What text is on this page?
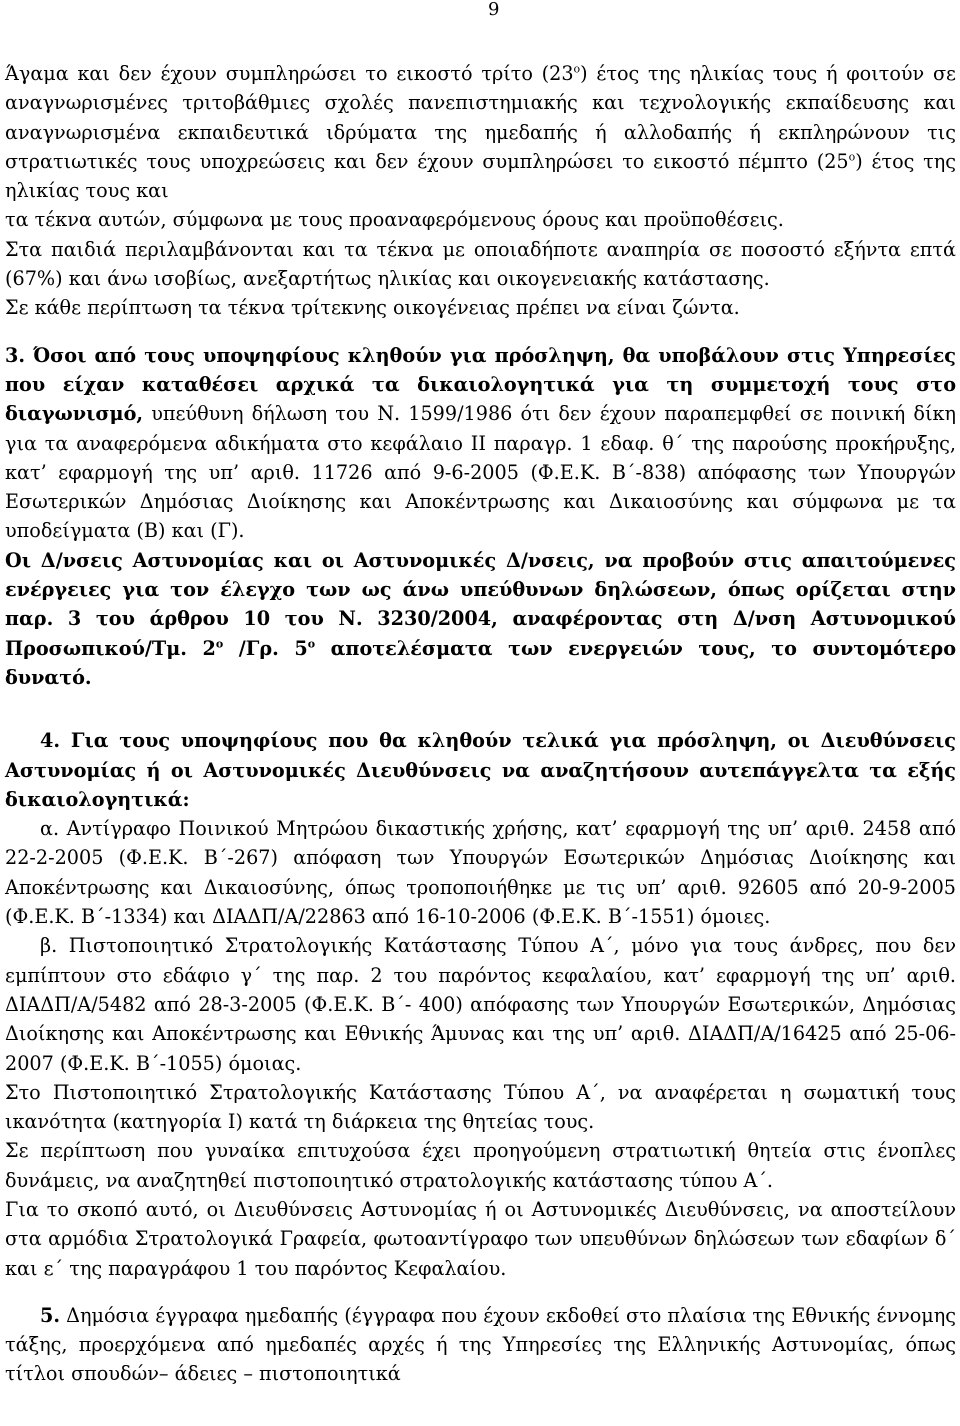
9

Άγαμα και δεν έχουν συμπληρώσει το εικοστό τρίτο $(23^o)$ έτος της ηλικίας τους ή φοιτούν σε αναγνωρισμένες τριτοβάθμιες σχολές πανεπιστημιακής και τεχνολογικής εκπαίδευσης και αναγνωρισμένα εκπαιδευτικά ιδρύματα της ημεδαπής ή αλλοδαπής ή εκπληρώνουν τις στρατιωτικές τους υποχρεώσεις και δεν έχουν συμπληρώσει το εικοστό πέμπτο $(25^o)$ έτος της ηλικίας τους και

τα τέκνα αυτών, σύμφωνα με τους προαναφερόμενους όρους και προϋποθέσεις.

Στα παιδιά περιλαμβάνονται και τα τέκνα με οποιαδήποτε αναπηρία σε ποσοστό εξήντα επτά (67%) και άνω ισοβίως, ανεξαρτήτως ηλικίας και οικογενειακής κατάστασης.

Σε κάθε περίπτωση τα τέκνα τρίτεκνης οικογένειας πρέπει να είναι ζώντα.

3. Όσοι από τους υποψηφίους κληθούν για πρόσληψη, θα υποβάλουν στις Υπηρεσίες που είχαν καταθέσει αρχικά τα δικαιολογητικά για τη συμμετοχή τους στο διαγωνισμό, υπεύθυνη δήλωση του Ν. 1599/1986 ότι δεν έχουν παραπεμφθεί σε ποινική δίκη για τα αναφερόμενα αδικήματα στο κεφάλαιο ΙΙ παραγρ. 1 εδαφ. θ΄ της παρούσης προκήρυξης, κατ’ εφαρμογή της υπ’ αριθ. 11726 από 9-6-2005 (Φ.Ε.Κ. Β΄-838) απόφασης των Υπουργών Εσωτερικών Δημόσιας Διοίκησης και Αποκέντρωσης και Δικαιοσύνης και σύμφωνα με τα υποδείγματα (Β) και (Γ).

Οι Δ/νσεις Αστυνομίας και οι Αστυνομικές Δ/νσεις, να προβούν στις απαιτούμενες ενέργειες για τον έλεγχο των ως άνω υπεύθυνων δηλώσεων, όπως ορίζεται στην παρ. 3 του άρθρου 10 του Ν. 3230/2004, αναφέροντας στη Δ/νση Αστυνομικού Προσωπικού/Τμ. $2^o$ /Γρ. $5^o$ αποτελέσματα των ενεργειών τους, το συντομότερο δυνατό.

4. Για τους υποψηφίους που θα κληθούν τελικά για πρόσληψη, οι Διευθύνσεις Αστυνομίας ή οι Αστυνομικές Διευθύνσεις να αναζητήσουν αυτεπάγγελτα τα εξής δικαιολογητικά:

α. Αντίγραφο Ποινικού Μητρώου δικαστικής χρήσης, κατ’ εφαρμογή της υπ’ αριθ. 2458 από 22-2-2005 (Φ.Ε.Κ. Β΄-267) απόφαση των Υπουργών Εσωτερικών Δημόσιας Διοίκησης και Αποκέντρωσης και Δικαιοσύνης, όπως τροποποιήθηκε με τις υπ’ αριθ. 92605 από 20-9-2005 (Φ.Ε.Κ. Β΄-1334) και ΔΙΑΔΠ/Α/22863 από 16-10-2006 (Φ.Ε.Κ. Β΄-1551) όμοιες.

β. Πιστοποιητικό Στρατολογικής Κατάστασης Τύπου Α΄, μόνο για τους άνδρες, που δεν εμπίπτουν στο εδάφιο γ΄ της παρ. 2 του παρόντος κεφαλαίου, κατ’ εφαρμογή της υπ’ αριθ. ΔΙΑΔΠ/Α/5482 από 28-3-2005 (Φ.Ε.Κ. Β΄- 400) απόφασης των Υπουργών Εσωτερικών, Δημόσιας Διοίκησης και Αποκέντρωσης και Εθνικής Άμυνας και της υπ’ αριθ. ΔΙΑΔΠ/Α/16425 από 25-06-2007 (Φ.Ε.Κ. Β΄-1055) όμοιας.

Στο Πιστοποιητικό Στρατολογικής Κατάστασης Τύπου Α΄, να αναφέρεται η σωματική τους ικανότητα (κατηγορία Ι) κατά τη διάρκεια της θητείας τους.

Σε περίπτωση που γυναίκα επιτυχούσα έχει προηγούμενη στρατιωτική θητεία στις ένοπλες δυνάμεις, να αναζητηθεί πιστοποιητικό στρατολογικής κατάστασης τύπου Α΄.

Για το σκοπό αυτό, οι Διευθύνσεις Αστυνομίας ή οι Αστυνομικές Διευθύνσεις, να αποστείλουν στα αρμόδια Στρατολογικά Γραφεία, φωτοαντίγραφο των υπευθύνων δηλώσεων των εδαφίων δ΄ και ε΄ της παραγράφου 1 του παρόντος Κεφαλαίου.

5. Δημόσια έγγραφα ημεδαπής (έγγραφα που έχουν εκδοθεί στο πλαίσια της Εθνικής έννομης τάξης, προερχόμενα από ημεδαπές αρχές ή της Υπηρεσίες της Ελληνικής Αστυνομίας, όπως τίτλοι σπουδών– άδειες – πιστοποιητικά
